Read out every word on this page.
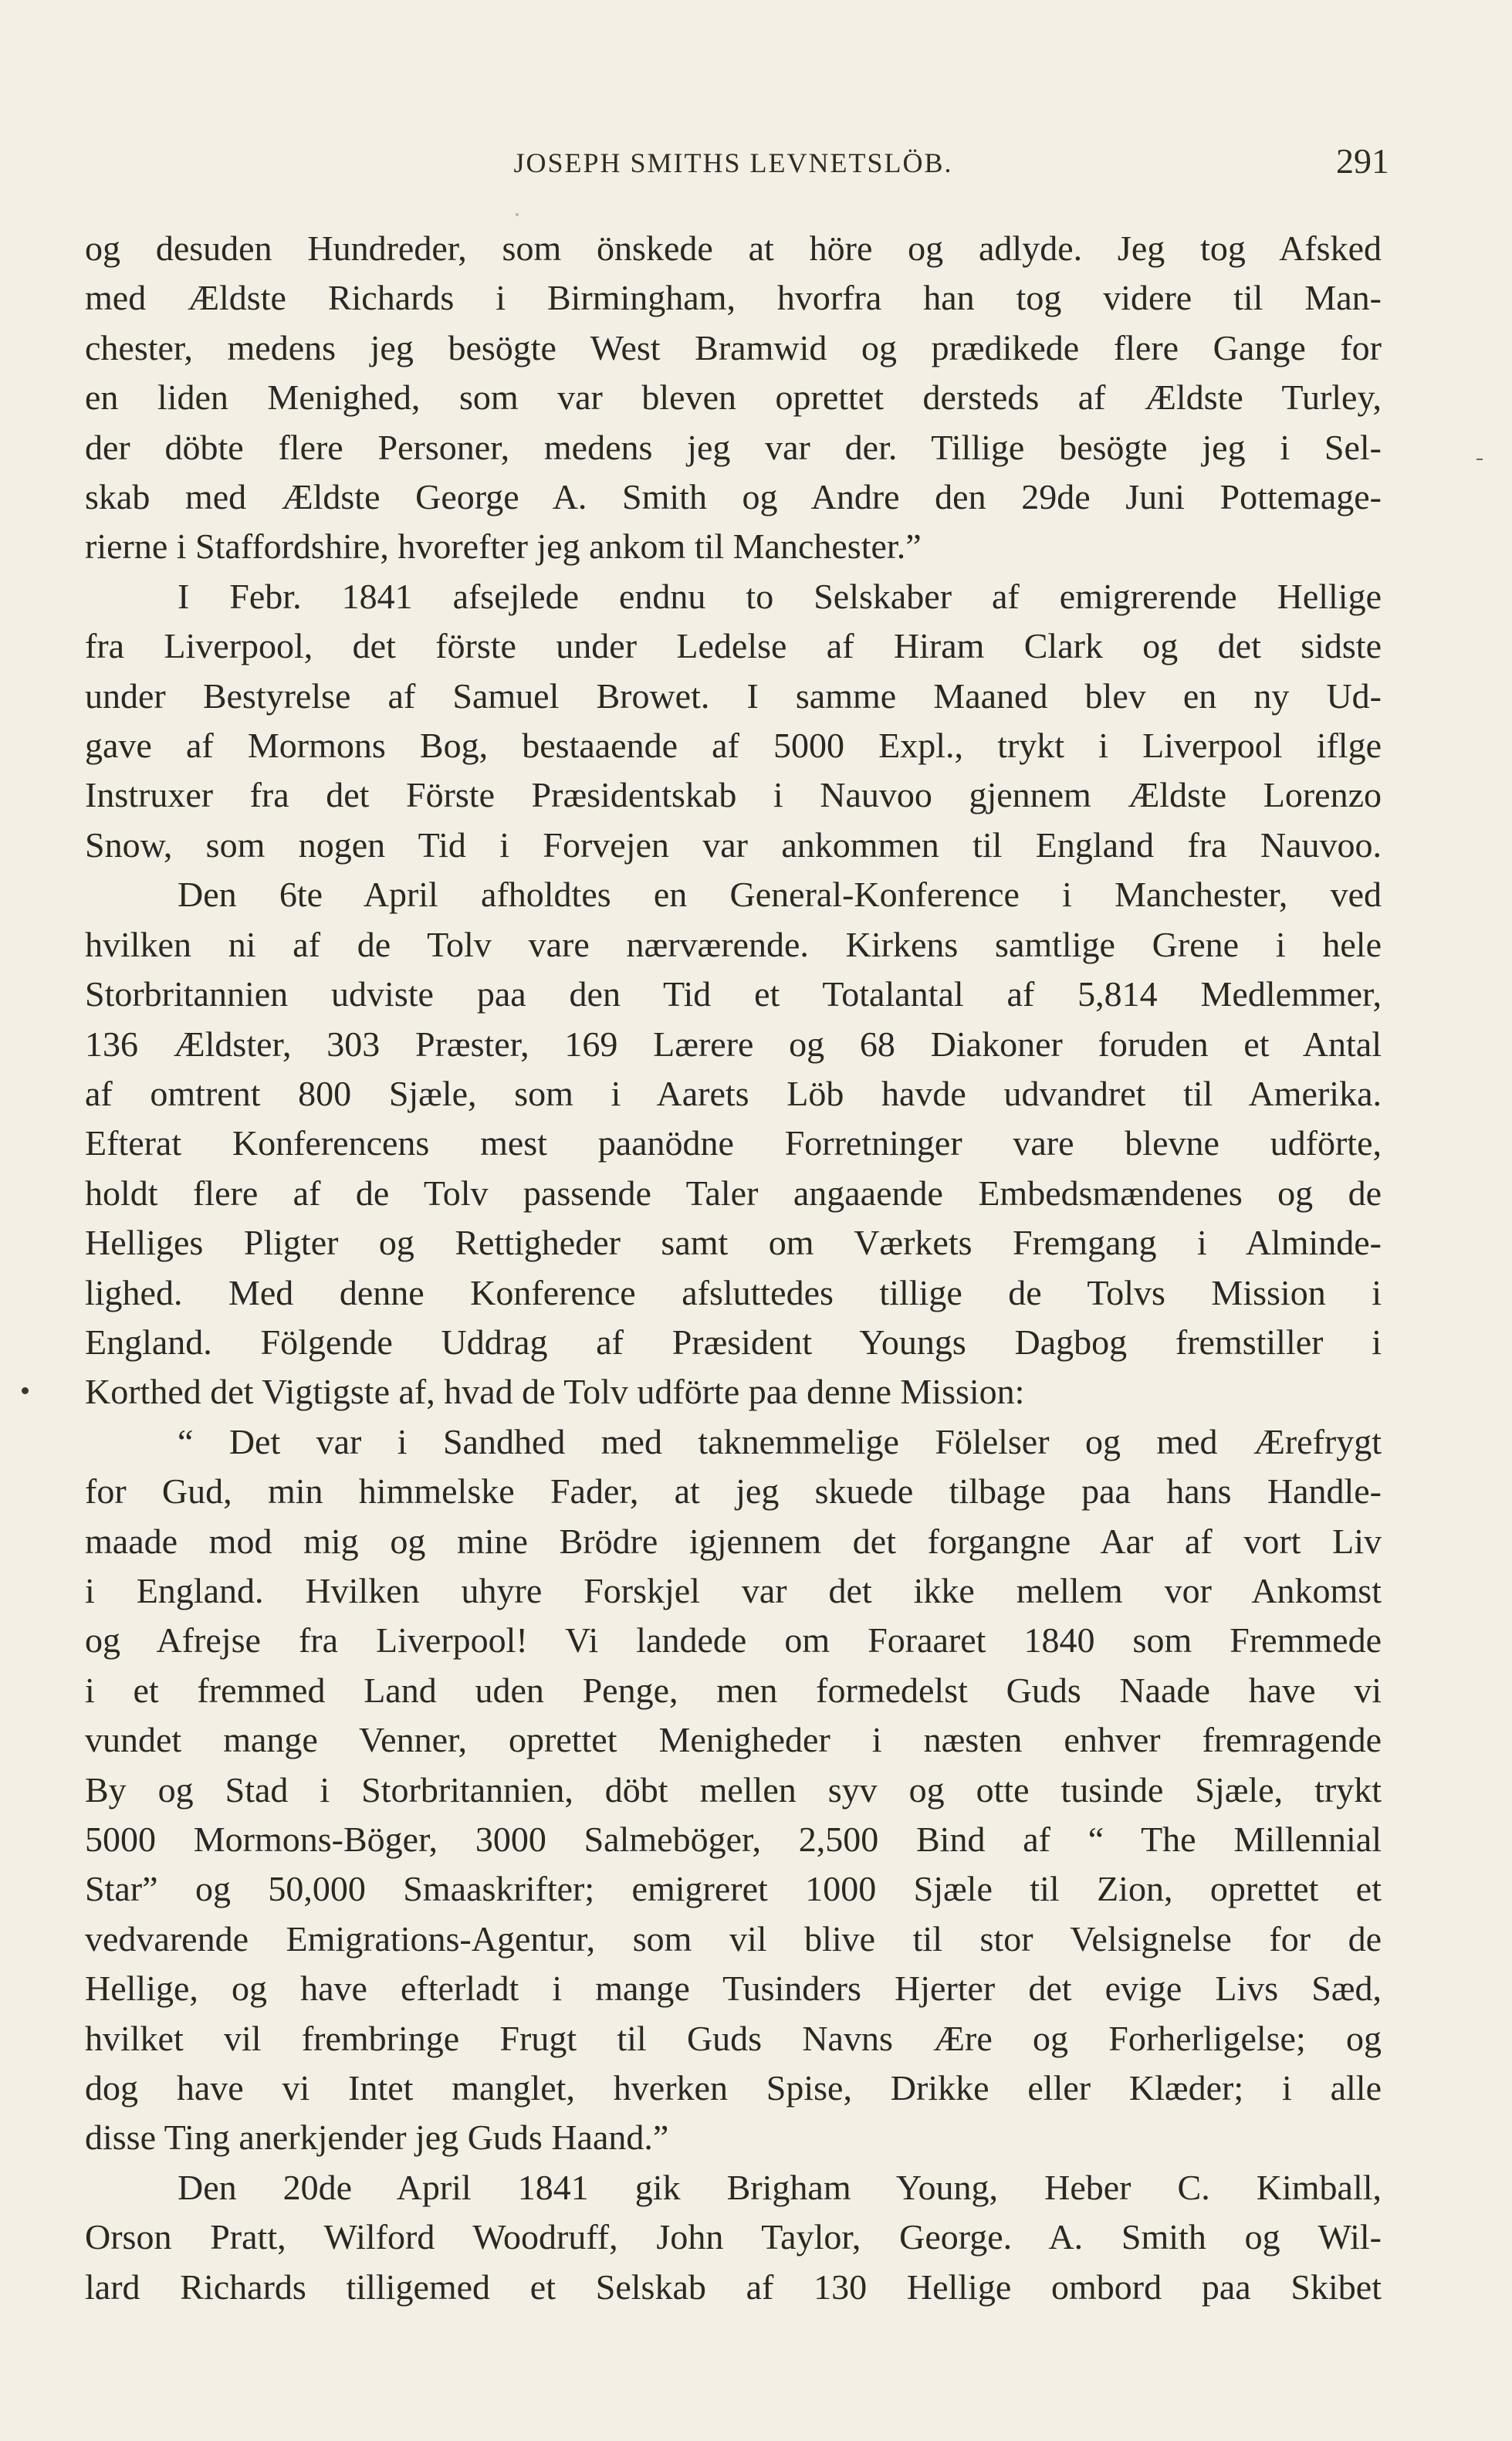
JOSEPH SMITHS LEVNETSLÖB.	291

og desuden Hundreder, som önskede at höre og adlyde. Jeg tog Afsked

med Ældste Richards i Birmingham, hvorfra han tog videre til Man-

chester, medens jeg besögte West Bramwid og prædikede flere Gange for

en liden Menighed, som var bleven oprettet dersteds af Ældste Turley,

der döbte flere Personer, medens jeg var der. Tillige besögte jeg i Sel-

skab med Ældste George A. Smith og Andre den 29de Juni Pottemage-

rierne i Staffordshire, hvorefter jeg ankom til Manchester.”

I Febr. 1841 afsejlede endnu to Selskaber af emigrerende Hellige

fra Liverpool, det förste under Ledelse af Hiram Clark og det sidste

under Bestyrelse af Samuel Browet. I samme Maaned blev en ny Ud-

gave af Mormons Bog, bestaaende af 5000 Expl., trykt i Liverpool iflge

Instruxer fra det Förste Præsidentskab i Nauvoo gjennem Ældste Lorenzo

Snow, som nogen Tid i Forvejen var ankommen til England fra Nauvoo.

Den 6te April afholdtes en General-Konference i Manchester, ved

hvilken ni af de Tolv vare nærværende. Kirkens samtlige Grene i hele

Storbritannien udviste paa den Tid et Totalantal af 5,814 Medlemmer,

136 Ældster, 303 Præster, 169 Lærere og 68 Diakoner foruden et Antal

af omtrent 800 Sjæle, som i Aarets Löb havde udvandret til Amerika.

Efterat Konferencens mest paanödne Forretninger vare blevne udförte,

holdt flere af de Tolv passende Taler angaaende Embedsmændenes og de

Helliges Pligter og Rettigheder samt om Værkets Fremgang i Alminde-

lighed. Med denne Konference afsluttedes tillige de Tolvs Mission i

England. Fölgende Uddrag af Præsident Youngs Dagbog fremstiller i

Korthed det Vigtigste af, hvad de Tolv udförte paa denne Mission:

“ Det var i Sandhed med taknemmelige Fölelser og med Ærefrygt

for Gud, min himmelske Fader, at jeg skuede tilbage paa hans Handle-

maade mod mig og mine Brödre igjennem det forgangne Aar af vort Liv

i England. Hvilken uhyre Forskjel var det ikke mellem vor Ankomst

og Afrejse fra Liverpool! Vi landede om Foraaret 1840 som Fremmede

i et fremmed Land uden Penge, men formedelst Guds Naade have vi

vundet mange Venner, oprettet Menigheder i næsten enhver fremragende

By og Stad i Storbritannien, döbt mellen syv og otte tusinde Sjæle, trykt

5000 Mormons-Böger, 3000 Salmeböger, 2,500 Bind af “ The Millennial

Star” og 50,000 Smaaskrifter; emigreret 1000 Sjæle til Zion, oprettet et

vedvarende Emigrations-Agentur, som vil blive til stor Velsignelse for de

Hellige, og have efterladt i mange Tusinders Hjerter det evige Livs Sæd,

hvilket vil frembringe Frugt til Guds Navns Ære og Forherligelse; og

dog have vi Intet manglet, hverken Spise, Drikke eller Klæder; i alle

disse Ting anerkjender jeg Guds Haand.”

Den 20de April 1841 gik Brigham Young, Heber C. Kimball,

Orson Pratt, Wilford Woodruff, John Taylor, George. A. Smith og Wil-

lard Richards tilligemed et Selskab af 130 Hellige ombord paa Skibet
